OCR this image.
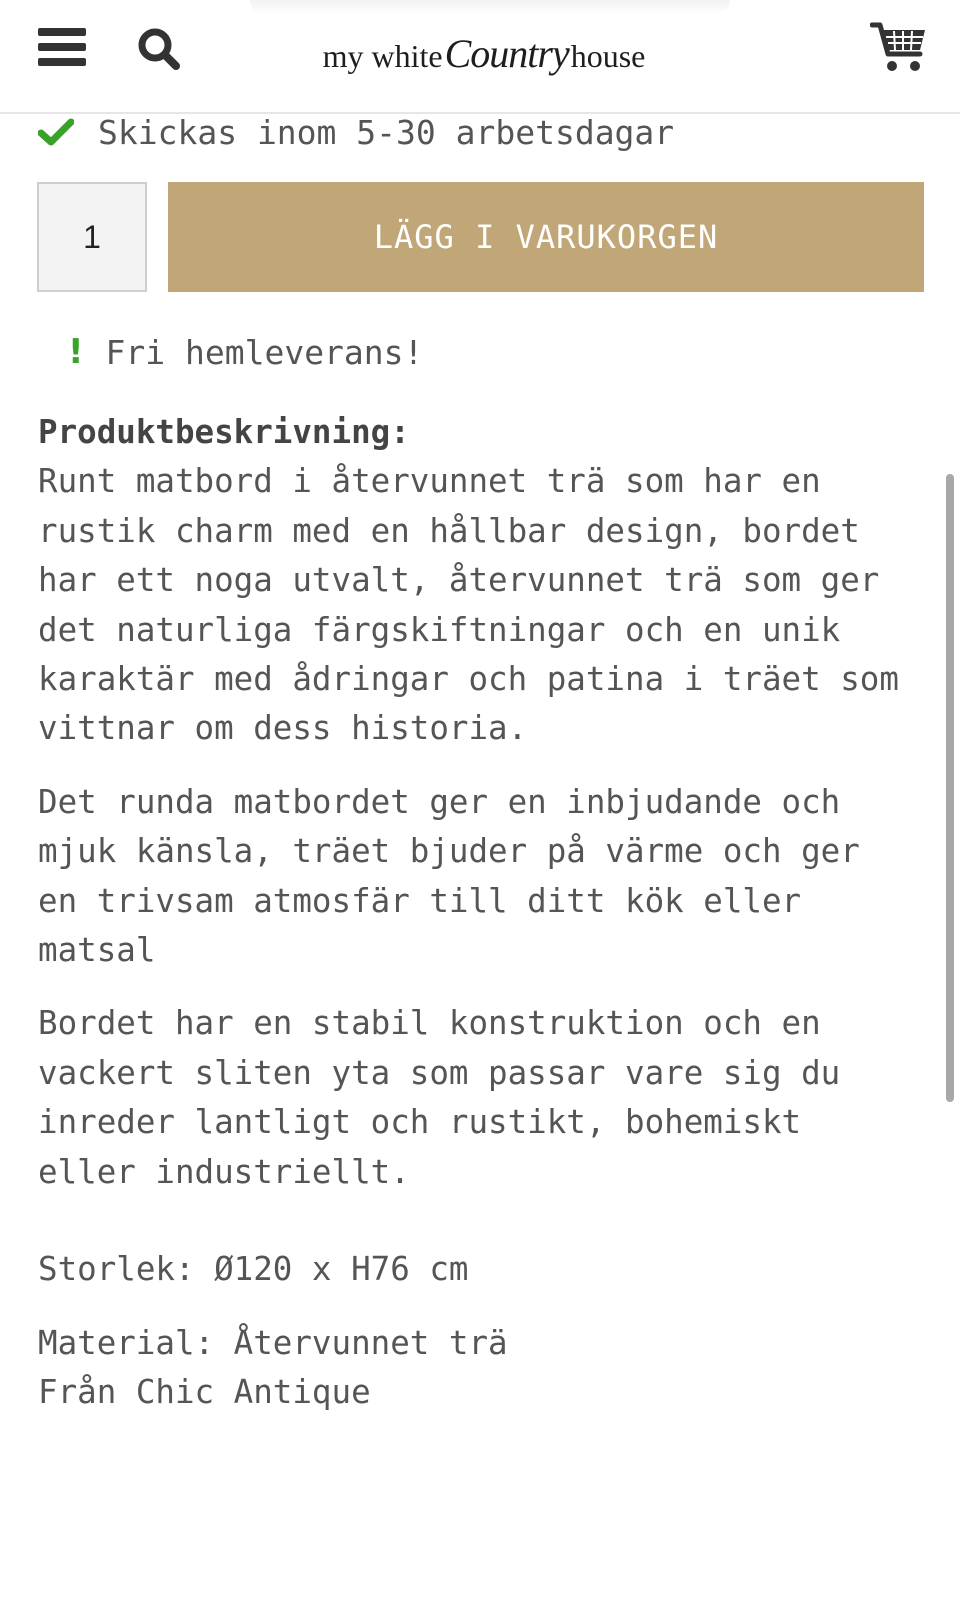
my white Country house
Skickas inom 5-30 arbetsdagar
1
LÄGG I VARUKORGEN
! Fri hemleverans!

Produktbeskrivning:

Runt matbord i återvunnet trä som har en rustik charm med en hållbar design, bordet har ett noga utvalt, återvunnet trä som ger det naturliga färgskiftningar och en unik karaktär med ådringar och patina i träet som vittnar om dess historia.

Det runda matbordet ger en inbjudande och mjuk känsla, träet bjuder på värme och ger en trivsam atmosfär till ditt kök eller matsal

Bordet har en stabil konstruktion och en vackert sliten yta som passar vare sig du inreder lantligt och rustikt, bohemiskt eller industriellt.

Storlek: Ø120 x H76 cm

Material: Återvunnet trä

Från Chic Antique
